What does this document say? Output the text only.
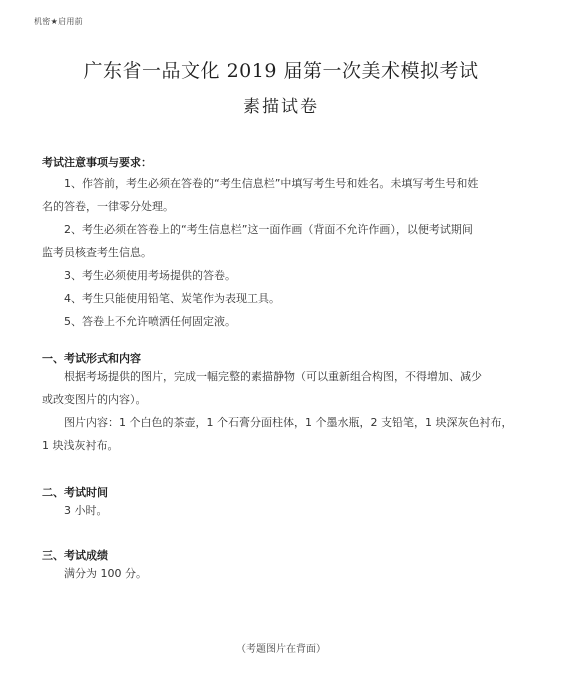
机密★启用前
广东省一品文化 2019 届第一次美术模拟考试
素描试卷
考试注意事项与要求：
1、作答前，考生必须在答卷的“考生信息栏”中填写考生号和姓名。未填写考生号和姓
名的答卷，一律零分处理。
2、考生必须在答卷上的“考生信息栏”这一面作画（背面不允许作画），以便考试期间
监考员核查考生信息。
3、考生必须使用考场提供的答卷。
4、考生只能使用铅笔、炭笔作为表现工具。
5、答卷上不允许喷洒任何固定液。
一、考试形式和内容
根据考场提供的图片，完成一幅完整的素描静物（可以重新组合构图，不得增加、减少
或改变图片的内容）。
图片内容：1 个白色的茶壶，1 个石膏分面柱体，1 个墨水瓶，2 支铅笔，1 块深灰色衬布，
1 块浅灰衬布。
二、考试时间
3 小时。
三、考试成绩
满分为 100 分。
（考题图片在背面）
